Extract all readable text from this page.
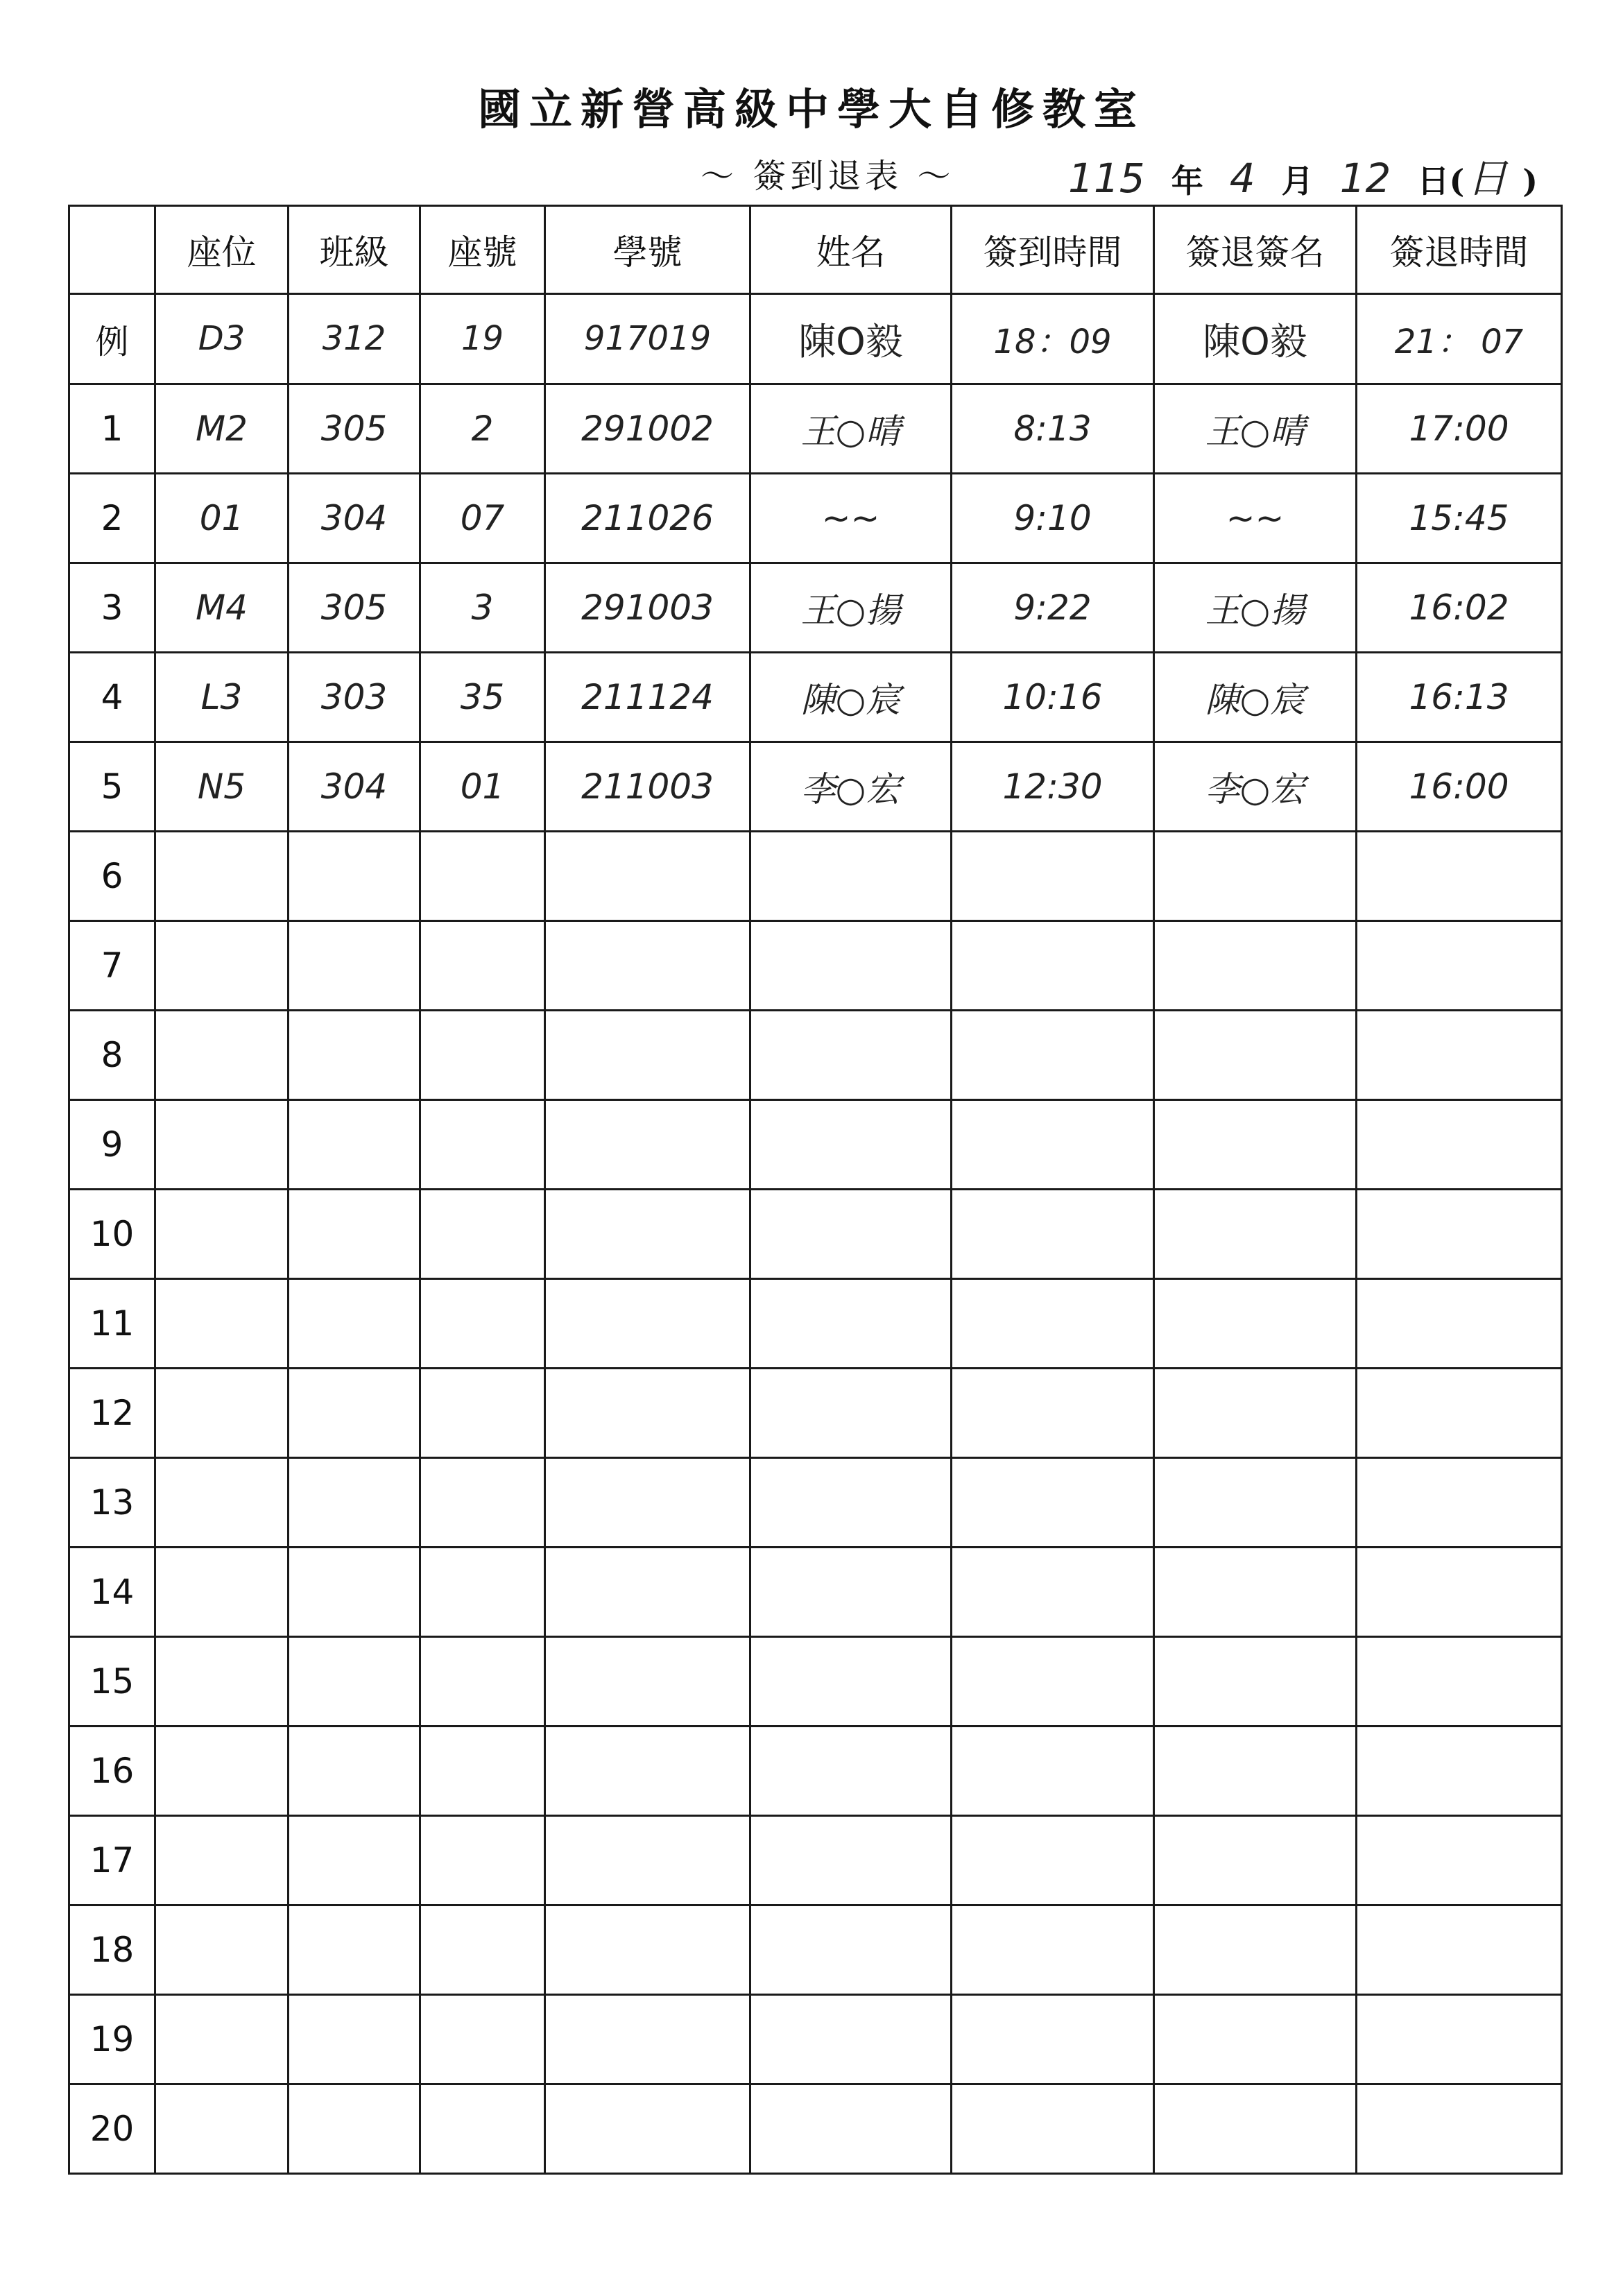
國立新營高級中學大自修教室
～ 簽到退表 ～	115 年 4 月 12 日(日 )
	座位	班級	座號	學號	姓名	簽到時間	簽退簽名	簽退時間
例	D3	312	19	917019	陳O毅	18：09	陳O毅	21： 07
1	M2	305	2	291002	王○晴	8:13	王○晴	17:00
2	01	304	07	211026	~~	9:10	~~	15:45
3	M4	305	3	291003	王○揚	9:22	王○揚	16:02
4	L3	303	35	211124	陳○宸	10:16	陳○宸	16:13
5	N5	304	01	211003	李○宏	12:30	李○宏	16:00
6								
7								
8								
9								
10								
11								
12								
13								
14								
15								
16								
17								
18								
19								
20								
